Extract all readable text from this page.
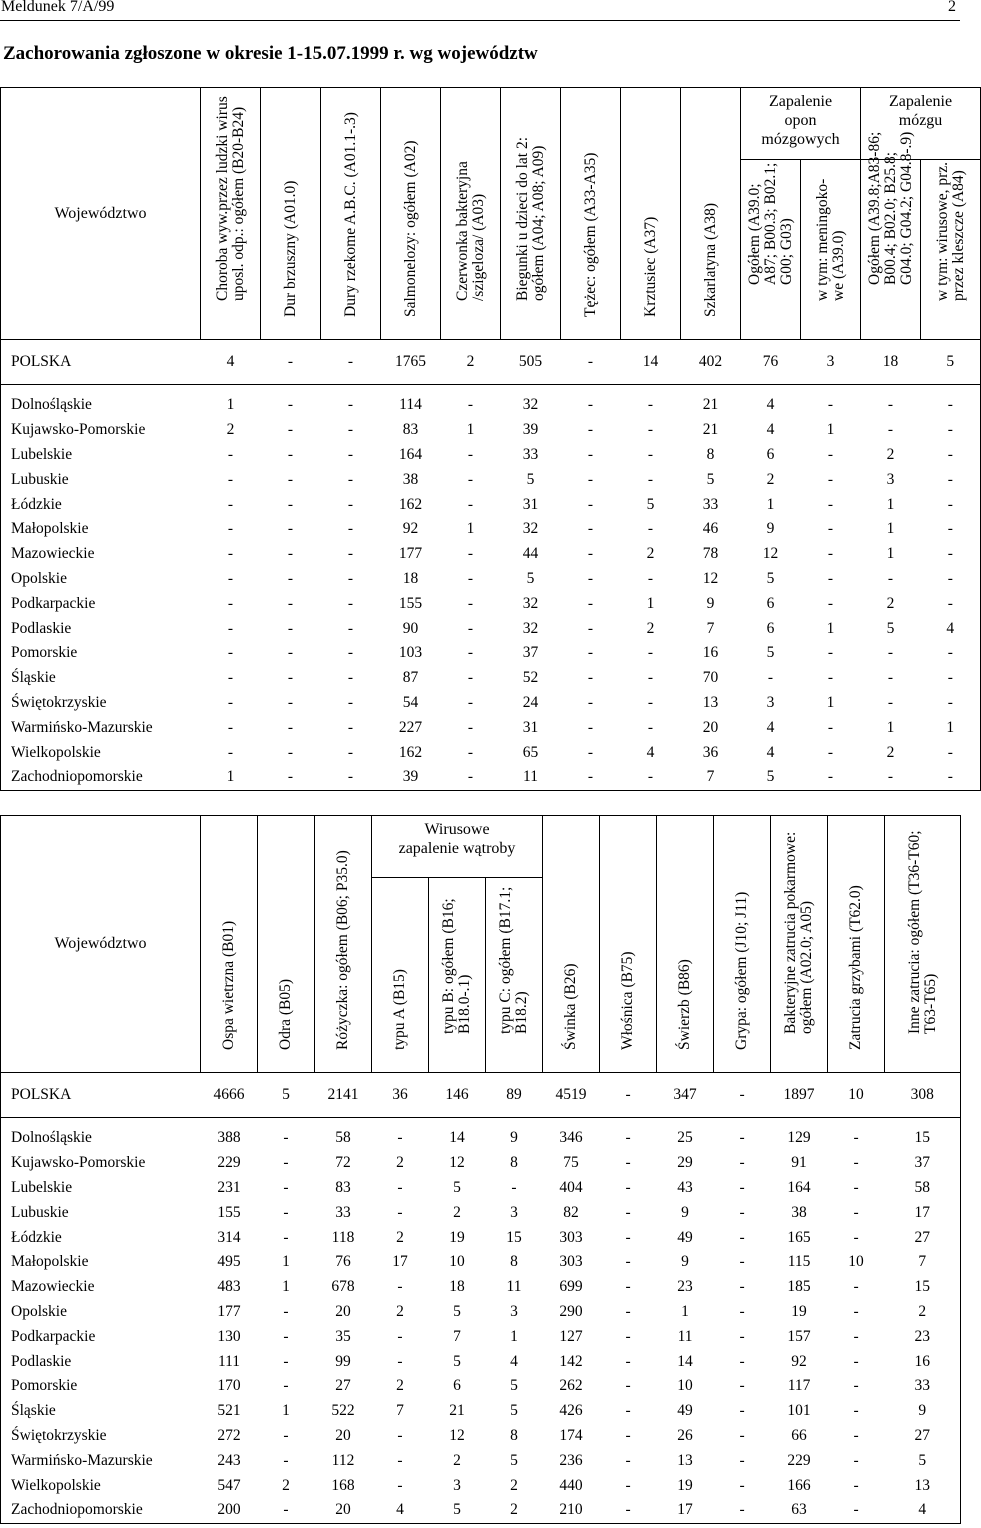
Meldunek 7/A/99	2
Zachorowania zgłoszone w okresie 1-15.07.1999 r. wg województw
Województwo	Choroba wyw.przez ludzki wirus
uposl. odp.: ogółem (B20-B24)	Dur brzuszny (A01.0)	Dury rzekome A.B.C. (A01.1-.3)	Salmonelozy: ogółem (A02)	Czerwonka bakteryjna
/szigeloza/ (A03)	Biegunki u dzieci do lat 2:
ogółem (A04; A08; A09)	Tężec: ogółem (A33-A35)	Krztusiec (A37)	Szkarlatyna (A38)	Zapalenie
opon
mózgowych		Zapalenie
mózgu	

										Ogółem (A39.0;
A87; B00.3; B02.1;
G00; G03)	w tym: meningoko-
we (A39.0)	Ogółem (A39.8;A83-86;
B00.4; B02.0; B25.8;
G04.0; G04.2; G04.8-.9)	w tym: wirusowe, prz.
przez kleszcze (A84)

POLSKA	4	-	-	1765	2	505	-	14	402	76	3	18	5
Dolnośląskie	1	-	-	114	-	32	-	-	21	4	-	-	-
Kujawsko-Pomorskie	2	-	-	83	1	39	-	-	21	4	1	-	-
Lubelskie	-	-	-	164	-	33	-	-	8	6	-	2	-
Lubuskie	-	-	-	38	-	5	-	-	5	2	-	3	-
Łódzkie	-	-	-	162	-	31	-	5	33	1	-	1	-
Małopolskie	-	-	-	92	1	32	-	-	46	9	-	1	-
Mazowieckie	-	-	-	177	-	44	-	2	78	12	-	1	-
Opolskie	-	-	-	18	-	5	-	-	12	5	-	-	-
Podkarpackie	-	-	-	155	-	32	-	1	9	6	-	2	-
Podlaskie	-	-	-	90	-	32	-	2	7	6	1	5	4
Pomorskie	-	-	-	103	-	37	-	-	16	5	-	-	-
Śląskie	-	-	-	87	-	52	-	-	70	-	-	-	-
Świętokrzyskie	-	-	-	54	-	24	-	-	13	3	1	-	-
Warmińsko-Mazurskie	-	-	-	227	-	31	-	-	20	4	-	1	1
Wielkopolskie	-	-	-	162	-	65	-	4	36	4	-	2	-
Zachodniopomorskie	1	-	-	39	-	11	-	-	7	5	-	-	-
Województwo	Ospa wietrzna (B01)	Odra (B05)	Różyczka: ogółem (B06; P35.0)	Wirusowe
zapalenie wątroby			Świnka (B26)	Włośnica (B75)	Świerzb (B86)	Grypa: ogółem (J10; J11)	Bakteryjne zatrucia pokarmowe:
ogółem (A02.0; A05)	Zatrucia grzybami (T62.0)	Inne zatrucia: ogółem (T36-T60;
T63-T65)

				typu A (B15)	typu B: ogółem (B16;
B18.0-.1)	typu C: ogółem (B17.1;
B18.2)							

POLSKA	4666	5	2141	36	146	89	4519	-	347	-	1897	10	308
Dolnośląskie	388	-	58	-	14	9	346	-	25	-	129	-	15
Kujawsko-Pomorskie	229	-	72	2	12	8	75	-	29	-	91	-	37
Lubelskie	231	-	83	-	5	-	404	-	43	-	164	-	58
Lubuskie	155	-	33	-	2	3	82	-	9	-	38	-	17
Łódzkie	314	-	118	2	19	15	303	-	49	-	165	-	27
Małopolskie	495	1	76	17	10	8	303	-	9	-	115	10	7
Mazowieckie	483	1	678	-	18	11	699	-	23	-	185	-	15
Opolskie	177	-	20	2	5	3	290	-	1	-	19	-	2
Podkarpackie	130	-	35	-	7	1	127	-	11	-	157	-	23
Podlaskie	111	-	99	-	5	4	142	-	14	-	92	-	16
Pomorskie	170	-	27	2	6	5	262	-	10	-	117	-	33
Śląskie	521	1	522	7	21	5	426	-	49	-	101	-	9
Świętokrzyskie	272	-	20	-	12	8	174	-	26	-	66	-	27
Warmińsko-Mazurskie	243	-	112	-	2	5	236	-	13	-	229	-	5
Wielkopolskie	547	2	168	-	3	2	440	-	19	-	166	-	13
Zachodniopomorskie	200	-	20	4	5	2	210	-	17	-	63	-	4
